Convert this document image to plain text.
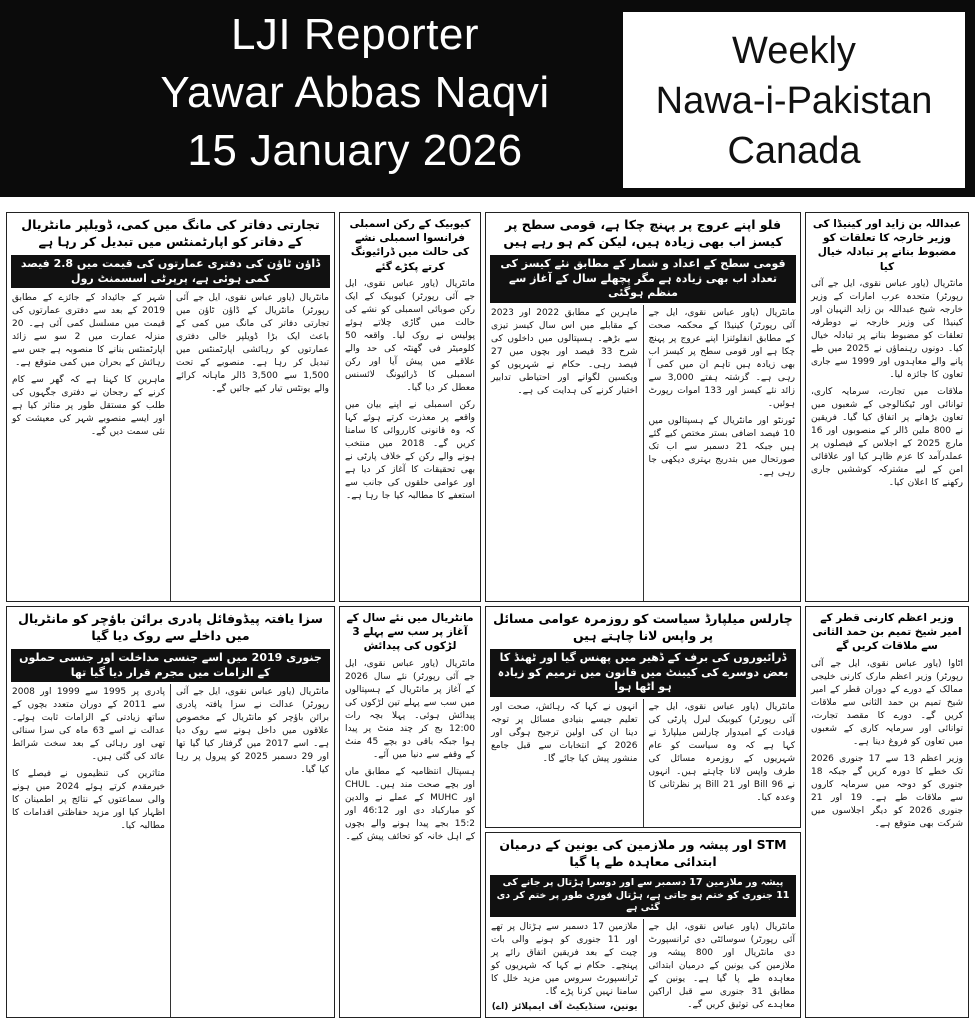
LJI Reporter
Yawar Abbas Naqvi
15 January 2026
Weekly
Nawa-i-Pakistan
Canada
عبداللہ بن زاید اور کینیڈا کی وزیر خارجہ کا تعلقات کو مضبوط بنانے پر تبادلہ خیال کیا

مانٹریال (یاور عباس نقوی، ایل جے آئی رپورٹر) متحدہ عرب امارات کے وزیر خارجہ شیخ عبداللہ بن زاید النہیان اور کینیڈا کی وزیر خارجہ نے دوطرفہ تعلقات کو مضبوط بنانے پر تبادلہ خیال کیا۔ دونوں رہنماؤں نے 2025 میں طے پانے والے معاہدوں اور 1999 سے جاری تعاون کا جائزہ لیا۔

ملاقات میں تجارت، سرمایہ کاری، توانائی اور ٹیکنالوجی کے شعبوں میں تعاون بڑھانے پر اتفاق کیا گیا۔ فریقین نے 800 ملین ڈالر کے منصوبوں اور 16 مارچ 2025 کے اجلاس کے فیصلوں پر عملدرآمد کا عزم ظاہر کیا اور علاقائی امن کے لیے مشترکہ کوششیں جاری رکھنے کا اعلان کیا۔

فلو اپنے عروج پر پہنچ چکا ہے، قومی سطح پر کیسز اب بھی زیادہ ہیں، لیکن کم ہو رہے ہیں
قومی سطح کے اعداد و شمار کے مطابق نئے کیسز کی تعداد اب بھی زیادہ ہے مگر پچھلے سال کے آغاز سے منظم ہوگئی

مانٹریال (یاور عباس نقوی، ایل جے آئی رپورٹر) کینیڈا کے محکمہ صحت کے مطابق انفلوئنزا اپنے عروج پر پہنچ چکا ہے اور قومی سطح پر کیسز اب بھی زیادہ ہیں تاہم ان میں کمی آ رہی ہے۔ گزشتہ ہفتے 3,000 سے زائد نئے کیسز اور 133 اموات رپورٹ ہوئیں۔

ٹورنٹو اور مانٹریال کے ہسپتالوں میں 10 فیصد اضافی بستر مختص کیے گئے ہیں جبکہ 21 دسمبر سے اب تک صورتحال میں بتدریج بہتری دیکھی جا رہی ہے۔

ماہرین کے مطابق 2022 اور 2023 کے مقابلے میں اس سال کیسز تیزی سے بڑھے۔ ہسپتالوں میں داخلوں کی شرح 33 فیصد اور بچوں میں 27 فیصد رہی۔ حکام نے شہریوں کو ویکسین لگوانے اور احتیاطی تدابیر اختیار کرنے کی ہدایت کی ہے۔

کیوبیک کے رکن اسمبلی فرانسوا اسمبلی نشے کی حالت میں ڈرائیونگ کرتے پکڑے گئے

مانٹریال (یاور عباس نقوی، ایل جے آئی رپورٹر) کیوبیک کے ایک رکن صوبائی اسمبلی کو نشے کی حالت میں گاڑی چلاتے ہوئے پولیس نے روک لیا۔ واقعہ 50 کلومیٹر فی گھنٹہ کی حد والے علاقے میں پیش آیا اور رکن اسمبلی کا ڈرائیونگ لائسنس معطل کر دیا گیا۔

رکن اسمبلی نے اپنے بیان میں واقعے پر معذرت کرتے ہوئے کہا کہ وہ قانونی کارروائی کا سامنا کریں گے۔ 2018 میں منتخب ہونے والے رکن کے خلاف پارٹی نے بھی تحقیقات کا آغاز کر دیا ہے اور عوامی حلقوں کی جانب سے استعفے کا مطالبہ کیا جا رہا ہے۔

تجارتی دفاتر کی مانگ میں کمی، ڈویلپر مانٹریال کے دفاتر کو اپارٹمنٹس میں تبدیل کر رہا ہے
ڈاؤن ٹاؤن کی دفتری عمارتوں کی قیمت میں 2.8 فیصد کمی ہوئی ہے، پرپرٹی اسسمنٹ رول

مانٹریال (یاور عباس نقوی، ایل جے آئی رپورٹر) مانٹریال کے ڈاؤن ٹاؤن میں تجارتی دفاتر کی مانگ میں کمی کے باعث ایک بڑا ڈویلپر خالی دفتری عمارتوں کو رہائشی اپارٹمنٹس میں تبدیل کر رہا ہے۔ منصوبے کے تحت 1,500 سے 3,500 ڈالر ماہانہ کرائے والے یونٹس تیار کیے جائیں گے۔

شہر کے جائیداد کے جائزے کے مطابق 2019 کے بعد سے دفتری عمارتوں کی قیمت میں مسلسل کمی آئی ہے۔ 20 منزلہ عمارت میں 2 سو سے زائد اپارٹمنٹس بنانے کا منصوبہ ہے جس سے رہائش کے بحران میں کمی متوقع ہے۔

ماہرین کا کہنا ہے کہ گھر سے کام کرنے کے رجحان نے دفتری جگہوں کی طلب کو مستقل طور پر متاثر کیا ہے اور ایسے منصوبے شہر کی معیشت کو نئی سمت دیں گے۔

وزیر اعظم کارنی قطر کے امیر شیخ تمیم بن حمد الثانی سے ملاقات کریں گے

اٹاوا (یاور عباس نقوی، ایل جے آئی رپورٹر) وزیر اعظم مارک کارنی خلیجی ممالک کے دورے کے دوران قطر کے امیر شیخ تمیم بن حمد الثانی سے ملاقات کریں گے۔ دورے کا مقصد تجارت، توانائی اور سرمایہ کاری کے شعبوں میں تعاون کو فروغ دینا ہے۔

وزیر اعظم 13 سے 17 جنوری 2026 تک خطے کا دورہ کریں گے جبکہ 18 جنوری کو دوحہ میں سرمایہ کاروں سے ملاقات طے ہے۔ 19 اور 21 جنوری 2026 کو دیگر اجلاسوں میں شرکت بھی متوقع ہے۔

چارلس میلپارڈ سیاست کو روزمرہ عوامی مسائل پر واپس لانا چاہتے ہیں
ڈرائیوروں کی برف کے ڈھیر میں پھنس گیا اور ٹھنڈ کا بعض دوسرے کی کیبنٹ میں قانون میں ترمیم کو زیادہ ہو اٹھا ہوا

مانٹریال (یاور عباس نقوی، ایل جے آئی رپورٹر) کیوبیک لبرل پارٹی کی قیادت کے امیدوار چارلس میلپارڈ نے کہا ہے کہ وہ سیاست کو عام شہریوں کے روزمرہ مسائل کی طرف واپس لانا چاہتے ہیں۔ انہوں نے Bill 96 اور Bill 21 پر نظرثانی کا وعدہ کیا۔

انہوں نے کہا کہ رہائش، صحت اور تعلیم جیسے بنیادی مسائل پر توجہ دینا ان کی اولین ترجیح ہوگی اور 2026 کے انتخابات سے قبل جامع منشور پیش کیا جائے گا۔

STM اور پیشہ ور ملازمین کی یونین کے درمیان ابتدائی معاہدہ طے پا گیا
پیشہ ور ملازمین 17 دسمبر سے اور دوسرا ہڑتال پر جانے کی 11 جنوری کو ختم ہو جاتی ہے، ہڑتال فوری طور پر ختم کر دی گئی ہے

مانٹریال (یاور عباس نقوی، ایل جے آئی رپورٹر) سوسائٹی دی ٹرانسپورٹ دی مانٹریال اور 800 پیشہ ور ملازمین کی یونین کے درمیان ابتدائی معاہدہ طے پا گیا ہے۔ یونین کے مطابق 31 جنوری سے قبل اراکین معاہدے کی توثیق کریں گے۔

ملازمین 17 دسمبر سے ہڑتال پر تھے اور 11 جنوری کو ہونے والی بات چیت کے بعد فریقین اتفاق رائے پر پہنچے۔ حکام نے کہا کہ شہریوں کو ٹرانسپورٹ سروس میں مزید خلل کا سامنا نہیں کرنا پڑے گا۔

یونین، سنڈیکیٹ آف ایمپلائز (اے)

مانٹریال میں نئے سال کے آغاز پر سب سے پہلے 3 لڑکوں کی پیدائش

مانٹریال (یاور عباس نقوی، ایل جے آئی رپورٹر) نئے سال 2026 کے آغاز پر مانٹریال کے ہسپتالوں میں سب سے پہلے تین لڑکوں کی پیدائش ہوئی۔ پہلا بچہ رات 12:00 بج کر چند منٹ پر پیدا ہوا جبکہ باقی دو بچے 45 منٹ کے وقفے سے دنیا میں آئے۔

ہسپتال انتظامیہ کے مطابق ماں اور بچے صحت مند ہیں۔ CHUL اور MUHC کے عملے نے والدین کو مبارکباد دی اور 46:12 اور 15:2 بجے پیدا ہونے والے بچوں کے اہل خانہ کو تحائف پیش کیے۔

سزا یافتہ پیڈوفائل پادری برائن باؤچر کو مانٹریال میں داخلے سے روک دیا گیا
جنوری 2019 میں اسے جنسی مداخلت اور جنسی حملوں کے الزامات میں مجرم قرار دیا گیا تھا

مانٹریال (یاور عباس نقوی، ایل جے آئی رپورٹر) عدالت نے سزا یافتہ پادری برائن باؤچر کو مانٹریال کے مخصوص علاقوں میں داخل ہونے سے روک دیا ہے۔ اسے 2017 میں گرفتار کیا گیا تھا اور 29 دسمبر 2025 کو پیرول پر رہا کیا گیا۔

پادری پر 1995 سے 1999 اور 2008 سے 2011 کے دوران متعدد بچوں کے ساتھ زیادتی کے الزامات ثابت ہوئے۔ عدالت نے اسے 63 ماہ کی سزا سنائی تھی اور رہائی کے بعد سخت شرائط عائد کی گئی ہیں۔

متاثرین کی تنظیموں نے فیصلے کا خیرمقدم کرتے ہوئے 2024 میں ہونے والی سماعتوں کے نتائج پر اطمینان کا اظہار کیا اور مزید حفاظتی اقدامات کا مطالبہ کیا۔
